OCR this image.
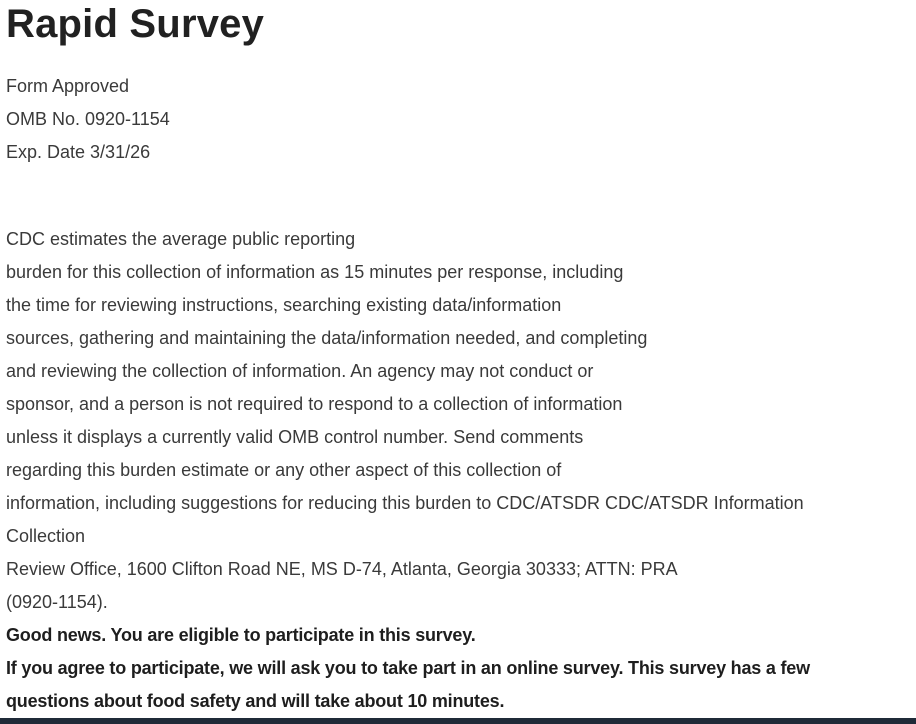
Rapid Survey
Form Approved
OMB No. 0920-1154
Exp. Date 3/31/26
CDC estimates the average public reporting
burden for this collection of information as 15 minutes per response, including
the time for reviewing instructions, searching existing data/information
sources, gathering and maintaining the data/information needed, and completing
and reviewing the collection of information. An agency may not conduct or
sponsor, and a person is not required to respond to a collection of information
unless it displays a currently valid OMB control number. Send comments
regarding this burden estimate or any other aspect of this collection of
information, including suggestions for reducing this burden to CDC/ATSDR CDC/ATSDR Information
Collection
Review Office, 1600 Clifton Road NE, MS D-74, Atlanta, Georgia 30333; ATTN: PRA
(0920-1154).
Good news. You are eligible to participate in this survey.
If you agree to participate, we will ask you to take part in an online survey. This survey has a few
questions about food safety and will take about 10 minutes.
